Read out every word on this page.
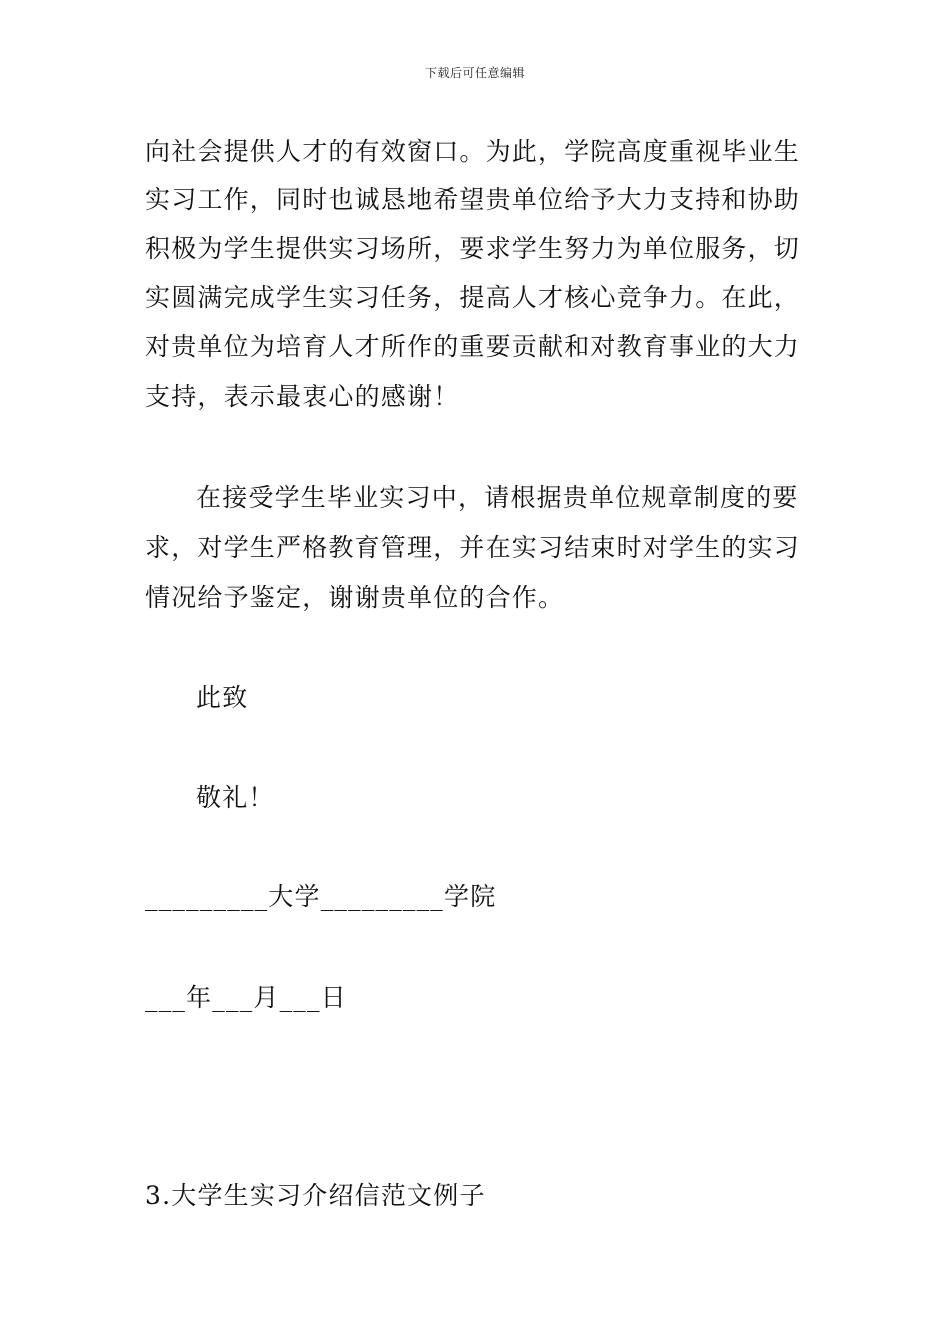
下载后可任意编辑
向社会提供人才的有效窗口。为此，学院高度重视毕业生
实习工作，同时也诚恳地希望贵单位给予大力支持和协助
积极为学生提供实习场所，要求学生努力为单位服务，切
实圆满完成学生实习任务，提高人才核心竞争力。在此，
对贵单位为培育人才所作的重要贡献和对教育事业的大力
支持，表示最衷心的感谢！
在接受学生毕业实习中，请根据贵单位规章制度的要
求，对学生严格教育管理，并在实习结束时对学生的实习
情况给予鉴定，谢谢贵单位的合作。
此致
敬礼！
_________大学_________学院
___年___月___日
3.大学生实习介绍信范文例子
